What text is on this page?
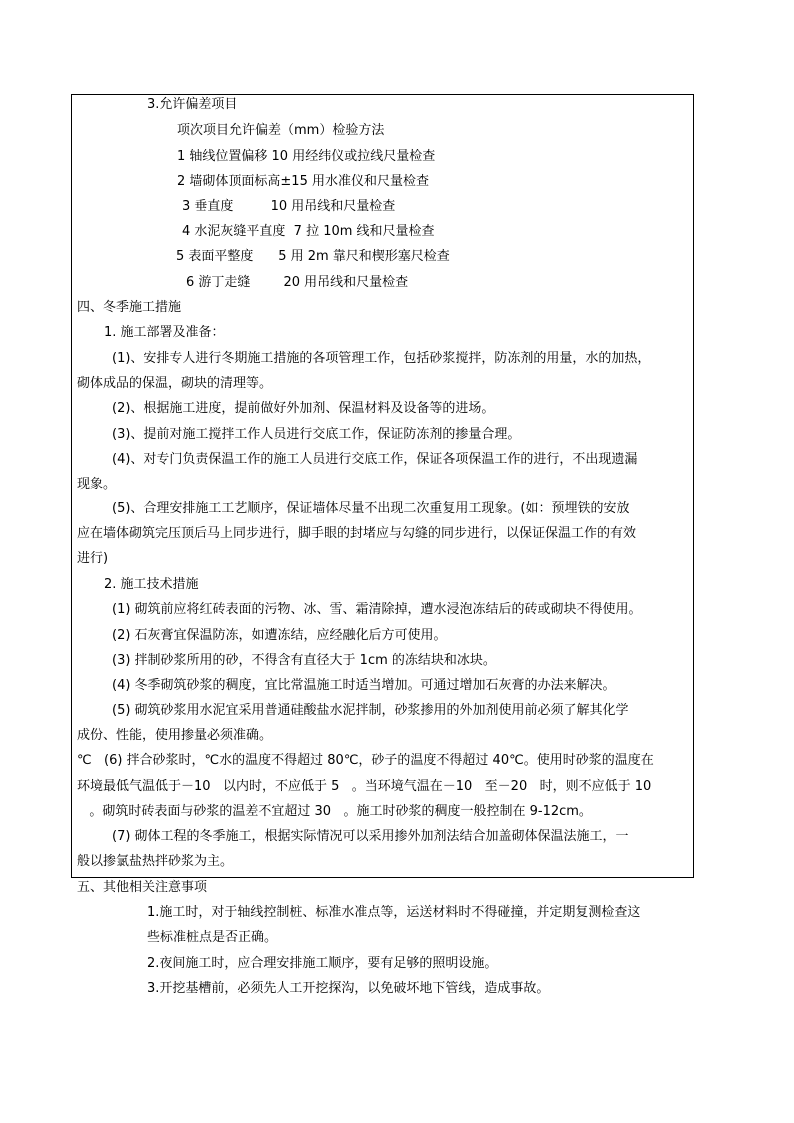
3.允许偏差项目
项次项目允许偏差（mm）检验方法
1 轴线位置偏移 10 用经纬仪或拉线尺量检查
2 墙砌体顶面标高±15 用水准仪和尺量检查
3 垂直度         10 用吊线和尺量检查
4 水泥灰缝平直度  7 拉 10m 线和尺量检查
5 表面平整度      5 用 2m 靠尺和楔形塞尺检查
6 游丁走缝        20 用吊线和尺量检查
四、冬季施工措施
1. 施工部署及准备：
(1)、安排专人进行冬期施工措施的各项管理工作，包括砂浆搅拌，防冻剂的用量，水的加热，
砌体成品的保温，砌块的清理等。
(2)、根据施工进度，提前做好外加剂、保温材料及设备等的进场。
(3)、提前对施工搅拌工作人员进行交底工作，保证防冻剂的掺量合理。
(4)、对专门负责保温工作的施工人员进行交底工作，保证各项保温工作的进行，不出现遗漏
现象。
(5)、合理安排施工工艺顺序，保证墙体尽量不出现二次重复用工现象。(如：预埋铁的安放
应在墙体砌筑完压顶后马上同步进行，脚手眼的封堵应与勾缝的同步进行，以保证保温工作的有效
进行)
2. 施工技术措施
(1) 砌筑前应将红砖表面的污物、冰、雪、霜清除掉，遭水浸泡冻结后的砖或砌块不得使用。
(2) 石灰膏宜保温防冻，如遭冻结，应经融化后方可使用。
(3) 拌制砂浆所用的砂，不得含有直径大于 1cm 的冻结块和冰块。
(4) 冬季砌筑砂浆的稠度，宜比常温施工时适当增加。可通过增加石灰膏的办法来解决。
(5) 砌筑砂浆用水泥宜采用普通硅酸盐水泥拌制，砂浆掺用的外加剂使用前必须了解其化学
成份、性能，使用掺量必须准确。
℃   (6) 拌合砂浆时，℃水的温度不得超过 80℃，砂子的温度不得超过 40℃。使用时砂浆的温度在
环境最低气温低于－10   以内时，不应低于 5   。当环境气温在－10   至－20   时，则不应低于 10
。砌筑时砖表面与砂浆的温差不宜超过 30   。施工时砂浆的稠度一般控制在 9-12cm。
(7) 砌体工程的冬季施工，根据实际情况可以采用掺外加剂法结合加盖砌体保温法施工，一
般以掺氯盐热拌砂浆为主。
五、其他相关注意事项
1.施工时，对于轴线控制桩、标准水准点等，运送材料时不得碰撞，并定期复测检查这
些标准桩点是否正确。
2.夜间施工时，应合理安排施工顺序，要有足够的照明设施。
3.开挖基槽前，必须先人工开挖探沟，以免破坏地下管线，造成事故。
